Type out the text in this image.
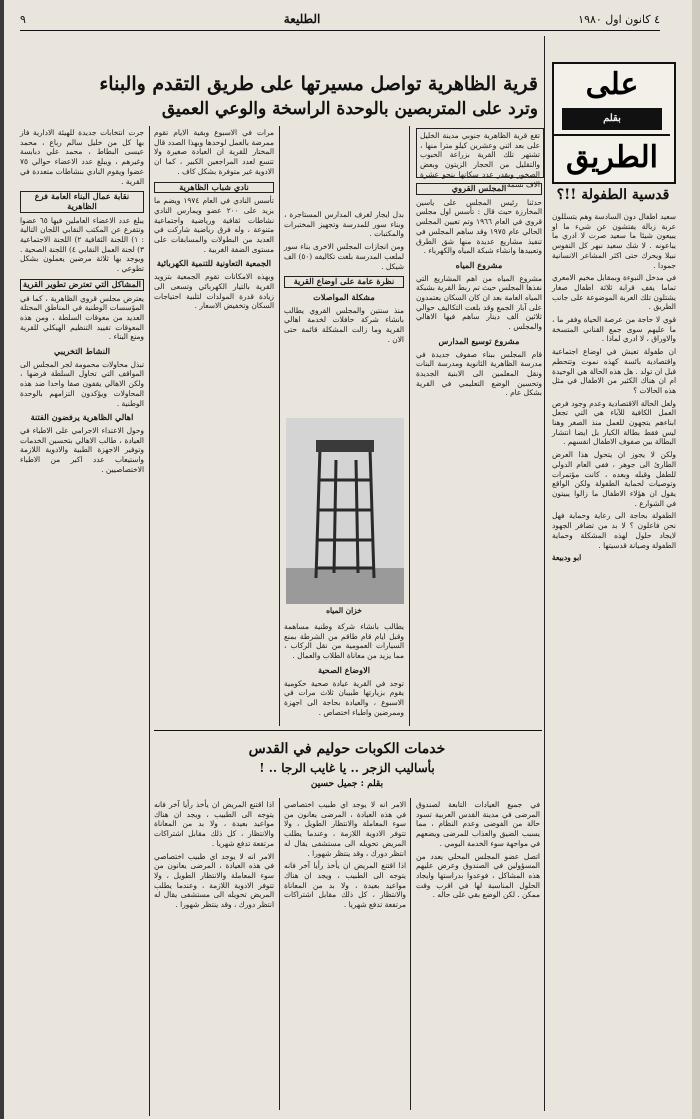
٤ كانون اول ١٩٨٠
الطليعة
٩
على
بقلم
الطريق
قدسية الطفولة !!؟

سعيد اطفال دون السادسة وهم يتسللون عربة زبالة يفتشون عن شيء ما او يبيعون شيئا ما سعيد صرت لا ادري ما يباعونه . لا شك سعيد نبهر كل النفوس نبيلا ويحرك حتى اكثر المشاعر الانسانية جمودا .

في مدخل النبوءة وبمقابل مخيم الامعري تماما يقف قرابة ثلاثة اطفال صغار يشتلون تلك العربة الموضوعة على جانب الطريق .

قوي لا حاجة من عرصة الحياة وفقر ما ، ما عليهم سوى جمع القناني المتسخة والاوراق ، لا ادري لماذا .

ان طفولة تعيش في اوضاع اجتماعية واقتصادية بائسة كهذه نموت وتتحطم قبل ان تولد . هل هذه الحالة هي الوحيدة ام ان هناك الكثير من الاطفال في مثل هذه الحالات ؟

ولعل الحالة الاقتصادية وعدم وجود فرص العمل الكافية للآباء هي التي تجعل ابناءهم يتجهون للعمل منذ الصغر وهنا ليس فقط بطالة الكبار بل ايضا انتشار البطالة بين صفوف الاطفال انفسهم .

ولكن لا يجوز ان يتحول هذا العرض الطارئ الى جوهر ، ففي العام الدولي للطفل وقبله وبعده ، كانت مؤتمرات وتوصيات لحماية الطفولة ولكن الواقع يقول ان هؤلاء الاطفال ما زالوا يبيتون في الشوارع .

الطفولة بحاجة الى رعاية وحماية فهل نحن فاعلون ؟ لا بد من تضافر الجهود لايجاد حلول لهذه المشكلة وحماية الطفولة وصيانة قدسيتها .

ابو ودبيعة

قرية الظاهرية تواصل مسيرتها على طريق التقدم والبناء
وترد على المتربصين بالوحدة الراسخة والوعي العميق
تقع قرية الظاهرية جنوبي مدينة الخليل على بعد اثني وعشرين كيلو مترا منها ، تشتهر تلك القرية بزراعة الحبوب والتقليل من الحجار الزيتون وبعض الصخور ويقدر عدد سكانها بنحو عشرة الاف نسمة .
المجلس القروي

حدثنا رئيس المجلس على ياسين المخارزة حيث قال : تأسس اول مجلس قروي في العام ١٩٦٦ وتم تعيين المجلس الحالي عام ١٩٧٥ وقد ساهم المجلس في تنفيذ مشاريع عديدة منها شق الطرق وتعبيدها وانشاء شبكة المياه والكهرباء .

مشروع المياه

مشروع المياه من اهم المشاريع التي نفذها المجلس حيث تم ربط القرية بشبكة المياه العامة بعد ان كان السكان يعتمدون على آبار الجمع وقد بلغت التكاليف حوالي ثلاثين الف دينار ساهم فيها الاهالي والمجلس .

مشروع توسيع المدارس

قام المجلس ببناء صفوف جديدة في مدرسة الظاهرية الثانوية ومدرسة البنات ونقل المعلمين الى الابنية الجديدة وتحسين الوضع التعليمي في القرية بشكل عام .

بدل ايجار لغرف المدارس المستاجرة ، وبناء سور للمدرسة وتجهيز المختبرات والمكتبات .

ومن انجازات المجلس الاخرى بناء سور لملعب المدرسة بلغت تكاليفه (٥٠) الف شيكل .

نظرة عامة على اوضاع القرية
مشكلة المواصلات

منذ سنتين والمجلس القروي يطالب بانشاء شركة حافلات لخدمة اهالي القرية وما زالت المشكلة قائمة حتى الان .

خزان المياه

يطالب بانشاء شركة وطنية مساهمة وقبل ايام قام طاقم من الشرطة بمنع السيارات العمومية من نقل الركاب ، مما يزيد من معاناة الطلاب والعمال .

الاوضاع الصحية

توجد في القرية عيادة صحية حكومية يقوم بزيارتها طبيبان ثلاث مرات في الاسبوع ، والعيادة بحاجة الى اجهزة وممرضين واطباء اختصاص .

مرات في الاسبوع وبقية الايام تقوم ممرضة بالعمل لوحدها وبهذا الصدد قال المختار للقرية ان العيادة صغيرة ولا تتسع لعدد المراجعين الكبير ، كما ان الادوية غير متوفرة بشكل كاف .

نادي شباب الظاهرية

تأسس النادي في العام ١٩٧٤ ويضم ما يزيد على ٢٠٠ عضو ويمارس النادي نشاطات ثقافية ورياضية واجتماعية متنوعة ، وله فرق رياضية شاركت في العديد من البطولات والمسابقات على مستوى الضفة الغربية .

الجمعية التعاونية للتنمية الكهربائية

وبهذه الامكانات تقوم الجمعية بتزويد القرية بالتيار الكهربائي وتسعى الى زيادة قدرة المولدات لتلبية احتياجات السكان وتخفيض الاسعار .

جرت انتخابات جديدة للهيئة الادارية فاز بها كل من خليل سالم رباع ، محمد عيسى البطاط ، محمد علي دبابسة وغيرهم ، ويبلغ عدد الاعضاء حوالي ٧٥ عضوا ويقوم النادي بنشاطات متعددة في القرية .

نقابة عمال البناء العامة فرع الظاهرية

يبلغ عدد الاعضاء العاملين فيها ٦٥ عضوا وتتفرع عن المكتب النقابي اللجان التالية : ١) اللجنة الثقافية ٢) اللجنة الاجتماعية ٣) لجنة العمل النقابي ٤) اللجنة الصحية . ويوجد بها ثلاثة مرضين يعملون بشكل تطوعي .

المشاكل التي تعترض تطوير القرية

يعترض مجلس قروي الظاهرية ، كما في المؤسسات الوطنية في المناطق المحتلة العديد من معوقات السلطة ، ومن هذه المعوقات تقييد التنظيم الهيكلي للقرية ومنع البناء .

النشاط التخريبي

تبذل محاولات محمومة لجر المجلس الى المواقف التي تحاول السلطة فرضها ، ولكن الاهالي يقفون صفا واحدا ضد هذه المحاولات ويؤكدون التزامهم بالوحدة الوطنية .

اهالي الظاهرية يرفضون الفتنة

وحول الاعتداء الاجرامي على الاطباء في العيادة ، طالب الاهالي بتحسين الخدمات وتوفير الاجهزة الطبية والادوية اللازمة واستيعاب عدد اكبر من الاطباء الاختصاصيين .

خدمات الكوبات حوليم في القدس
بأساليب الزجر .. يا غايب الرجا .. !
بقلم : جميل حسين

في جميع العيادات التابعة لصندوق المرضى في مدينة القدس العربية تسود حالة من الفوضى وعدم النظام ، مما يسبب الضيق والعذاب للمرضى ويضعهم في مواجهة سوء الخدمة اليومي .

اتصل عضو المجلس المحلي بعدد من المسؤولين في الصندوق وعرض عليهم هذه المشاكل ، فوعدوا بدراستها وايجاد الحلول المناسبة لها في اقرب وقت ممكن . لكن الوضع بقي على حاله .

الامر انه لا يوجد اي طبيب اختصاصي في هذه العيادة ، المرضى يعانون من سوء المعاملة والانتظار الطويل ، ولا تتوفر الادوية اللازمة ، وعندما يطلب المريض تحويله الى مستشفى يقال له انتظر دورك ، وقد ينتظر شهورا .

اذا اقتنع المريض ان يأخذ رأيا آخر فانه يتوجه الى الطبيب ، ويجد ان هناك مواعيد بعيدة ، ولا بد من المعاناة والانتظار ، كل ذلك مقابل اشتراكات مرتفعة تدفع شهريا .

اذا اقتنع المريض ان يأخذ رأيا آخر فانه يتوجه الى الطبيب ، ويجد ان هناك مواعيد بعيدة ، ولا بد من المعاناة والانتظار ، كل ذلك مقابل اشتراكات مرتفعة تدفع شهريا .

الامر انه لا يوجد اي طبيب اختصاصي في هذه العيادة ، المرضى يعانون من سوء المعاملة والانتظار الطويل ، ولا تتوفر الادوية اللازمة ، وعندما يطلب المريض تحويله الى مستشفى يقال له انتظر دورك ، وقد ينتظر شهورا .
